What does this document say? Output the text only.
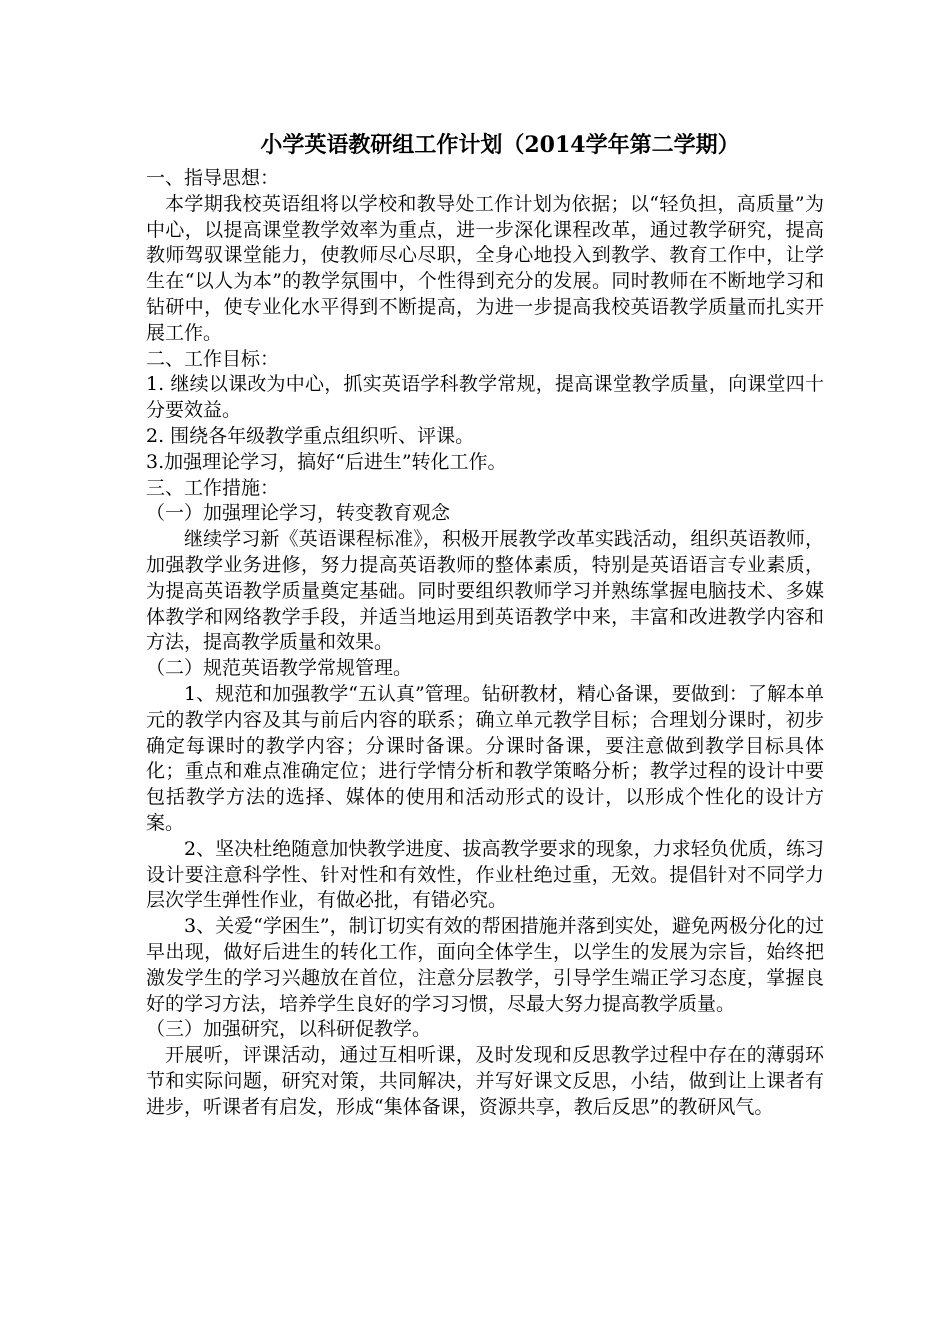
小学英语教研组工作计划（2014学年第二学期）
一、指导思想：

本学期我校英语组将以学校和教导处工作计划为依据；以“轻负担，高质量”为中心，以提高课堂教学效率为重点，进一步深化课程改革，通过教学研究，提高教师驾驭课堂能力，使教师尽心尽职，全身心地投入到教学、教育工作中，让学生在“以人为本”的教学氛围中，个性得到充分的发展。同时教师在不断地学习和钻研中，使专业化水平得到不断提高，为进一步提高我校英语教学质量而扎实开展工作。

二、工作目标：

1. 继续以课改为中心，抓实英语学科教学常规，提高课堂教学质量，向课堂四十分要效益。

2. 围绕各年级教学重点组织听、评课。

3.加强理论学习，搞好“后进生”转化工作。

三、工作措施：
（一）加强理论学习，转变教育观念

继续学习新《英语课程标准》，积极开展教学改革实践活动，组织英语教师，加强教学业务进修，努力提高英语教师的整体素质，特别是英语语言专业素质，为提高英语教学质量奠定基础。同时要组织教师学习并熟练掌握电脑技术、多媒体教学和网络教学手段，并适当地运用到英语教学中来，丰富和改进教学内容和方法，提高教学质量和效果。

（二）规范英语教学常规管理。

1、规范和加强教学“五认真”管理。钻研教材，精心备课，要做到：了解本单元的教学内容及其与前后内容的联系；确立单元教学目标；合理划分课时，初步确定每课时的教学内容；分课时备课。分课时备课，要注意做到教学目标具体化；重点和难点准确定位；进行学情分析和教学策略分析；教学过程的设计中要包括教学方法的选择、媒体的使用和活动形式的设计，以形成个性化的设计方案。

2、坚决杜绝随意加快教学进度、拔高教学要求的现象，力求轻负优质，练习设计要注意科学性、针对性和有效性，作业杜绝过重，无效。提倡针对不同学力层次学生弹性作业，有做必批，有错必究。

3、关爱“学困生”，制订切实有效的帮困措施并落到实处，避免两极分化的过早出现，做好后进生的转化工作，面向全体学生，以学生的发展为宗旨，始终把激发学生的学习兴趣放在首位，注意分层教学，引导学生端正学习态度，掌握良好的学习方法，培养学生良好的学习习惯，尽最大努力提高教学质量。

（三）加强研究，以科研促教学。

开展听，评课活动，通过互相听课，及时发现和反思教学过程中存在的薄弱环节和实际问题，研究对策，共同解决，并写好课文反思，小结，做到让上课者有进步，听课者有启发，形成“集体备课，资源共享，教后反思”的教研风气。
